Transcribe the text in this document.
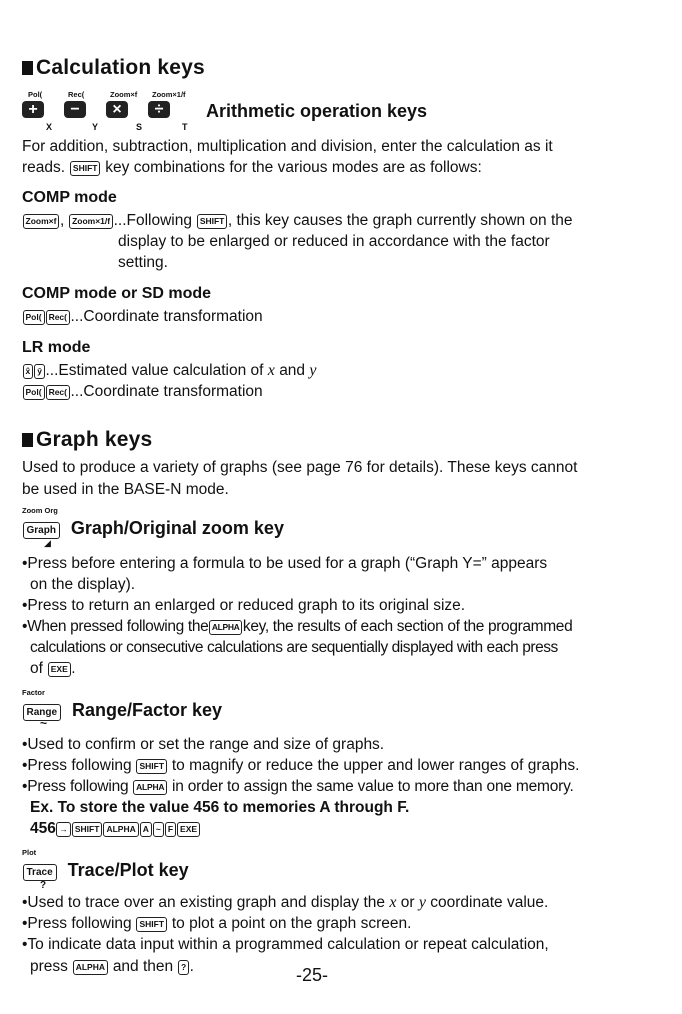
Calculation keys
Pol(	Rec(	Zoom×f Zoom×1/f
+ − × ÷	Arithmetic operation keys
X	Y	S	T
For addition, subtraction, multiplication and division, enter the calculation as it
reads. SHIFT key combinations for the various modes are as follows:
COMP mode
Zoom×f , Zoom×1/f ...Following SHIFT , this key causes the graph currently shown on the
display to be enlarged or reduced in accordance with the factor
setting.
COMP mode or SD mode
Pol( Rec( ...Coordinate transformation
LR mode
x̂ ŷ ...Estimated value calculation of x and y
Pol( Rec( ...Coordinate transformation
Graph keys
Used to produce a variety of graphs (see page 76 for details). These keys cannot
be used in the BASE-N mode.
Zoom Org
Graph Graph/Original zoom key
◢
•Press before entering a formula to be used for a graph (“Graph Y=” appears
on the display).
•Press to return an enlarged or reduced graph to its original size.
•When pressed following the ALPHA key, the results of each section of the programmed
calculations or consecutive calculations are sequentially displayed with each press
of EXE .
Factor
Range Range/Factor key
~
•Used to confirm or set the range and size of graphs.
•Press following SHIFT to magnify or reduce the upper and lower ranges of graphs.
•Press following ALPHA in order to assign the same value to more than one memory.
Ex. To store the value 456 to memories A through F.
456 → SHIFT ALPHA A ~ F EXE
Plot
Trace Trace/Plot key
?
•Used to trace over an existing graph and display the x or y coordinate value.
•Press following SHIFT to plot a point on the graph screen.
•To indicate data input within a programmed calculation or repeat calculation,
press ALPHA and then ? .	-25-
